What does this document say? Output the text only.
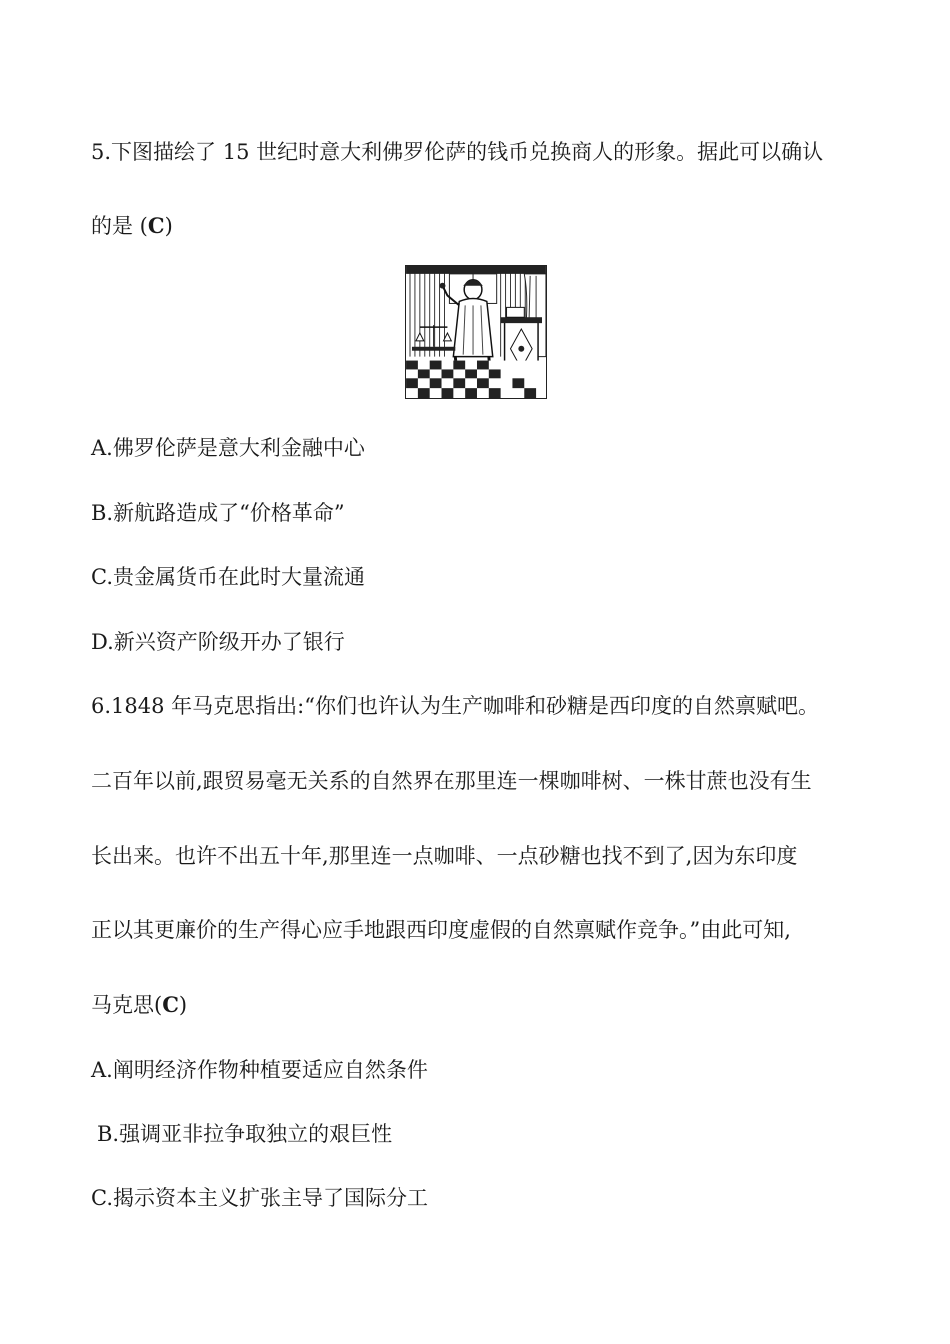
5.下图描绘了 15 世纪时意大利佛罗伦萨的钱币兑换商人的形象。据此可以确认
的是 (C)
A.佛罗伦萨是意大利金融中心
B.新航路造成了“价格革命”
C.贵金属货币在此时大量流通
D.新兴资产阶级开办了银行
6.1848 年马克思指出:“你们也许认为生产咖啡和砂糖是西印度的自然禀赋吧。
二百年以前,跟贸易毫无关系的自然界在那里连一棵咖啡树、一株甘蔗也没有生
长出来。也许不出五十年,那里连一点咖啡、一点砂糖也找不到了,因为东印度
正以其更廉价的生产得心应手地跟西印度虚假的自然禀赋作竞争。”由此可知,
马克思(C)
A.阐明经济作物种植要适应自然条件
B.强调亚非拉争取独立的艰巨性
C.揭示资本主义扩张主导了国际分工
